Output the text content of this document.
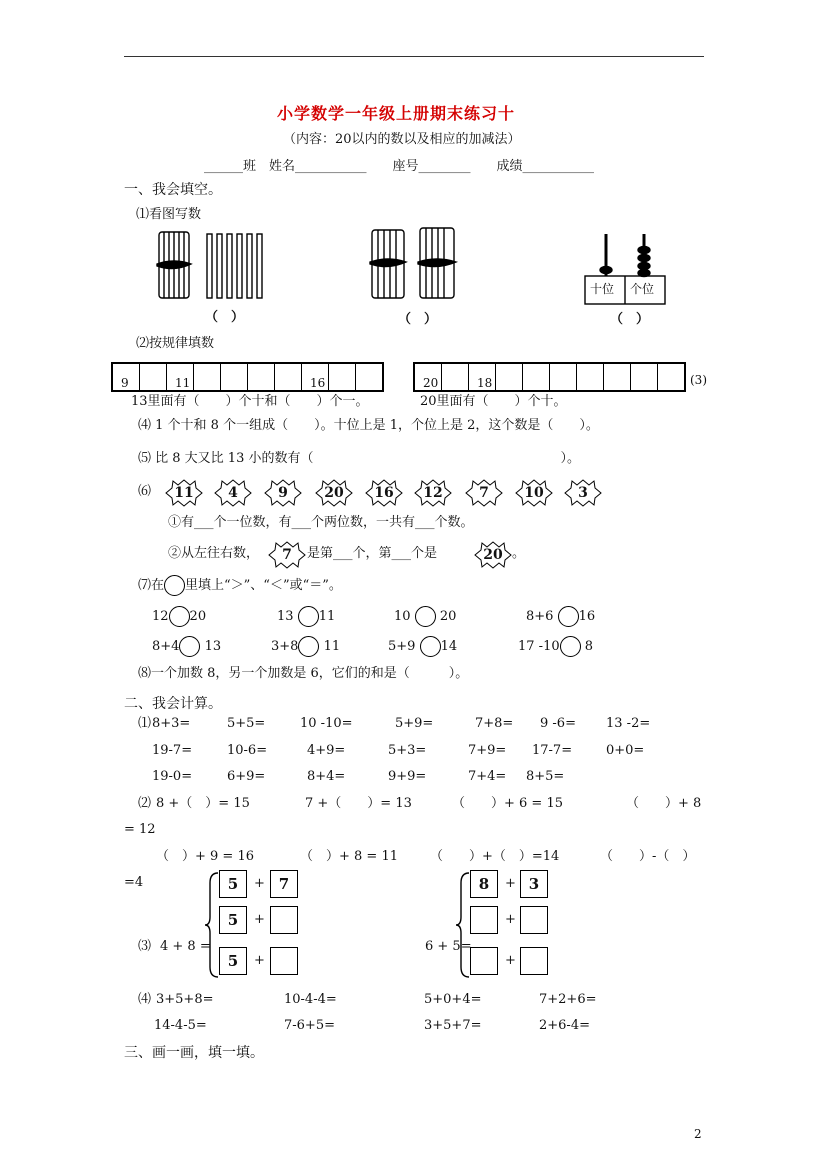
小学数学一年级上册期末练习十
（内容：20以内的数以及相应的加减法）
______班　姓名___________　　座号________　　成绩___________
一、我会填空。
⑴看图写数
（　）	（　）
十位 个位
（　）
⑵按规律填数
9	11	16	20	18	(3)
13里面有（　　）个十和（　　）个一。	20里面有（　　）个十。
⑷ 1 个十和 8 个一组成（　　）。十位上是 1，个位上是 2，这个数是（　　）。
⑸ 比 8 大又比 13 小的数有（　　　　　　　　　　　　　　　　　　　）。
⑹	11	4	9	20	16	12	7	10	3
①有___个一位数，有___个两位数，一共有___个数。
②从左往右数，	7	是第___个，第___个是	20 。
⑺在 里填上“＞”、“＜”或“＝”。
12 20	13 11	10 20	8+6 16
8+4 13	3+8 11	5+9 14	17 -10 8
⑻一个加数 8，另一个加数是 6，它们的和是（　　　）。
二、我会计算。
⑴ 8+3=	5+5=	10 -10=	5+9=	7+8= 9 -6= 13 -2=
19-7=	10-6=	4+9=	5+3=	7+9= 17-7=	0+0=
19-0=	6+9=	8+4=	9+9=	7+4= 8+5=
⑵ 8 +（　）= 15	7 +（　　）= 13	（　　）+ 6 = 15	（　　）+ 8
= 12
（　）+ 9 = 16	（　）+ 8 = 11 （　　）+（　）=14	（　　）-（　）
=4
⑶ 4 + 8 =
5	+ 7
5	+
5	+
6 + 5=
8	+ 3
+
+
⑷ 3+5+8=	10-4-4=	5+0+4=	7+2+6=
14-4-5=	7-6+5=	3+5+7=	2+6-4=
三、画一画，填一填。
2
